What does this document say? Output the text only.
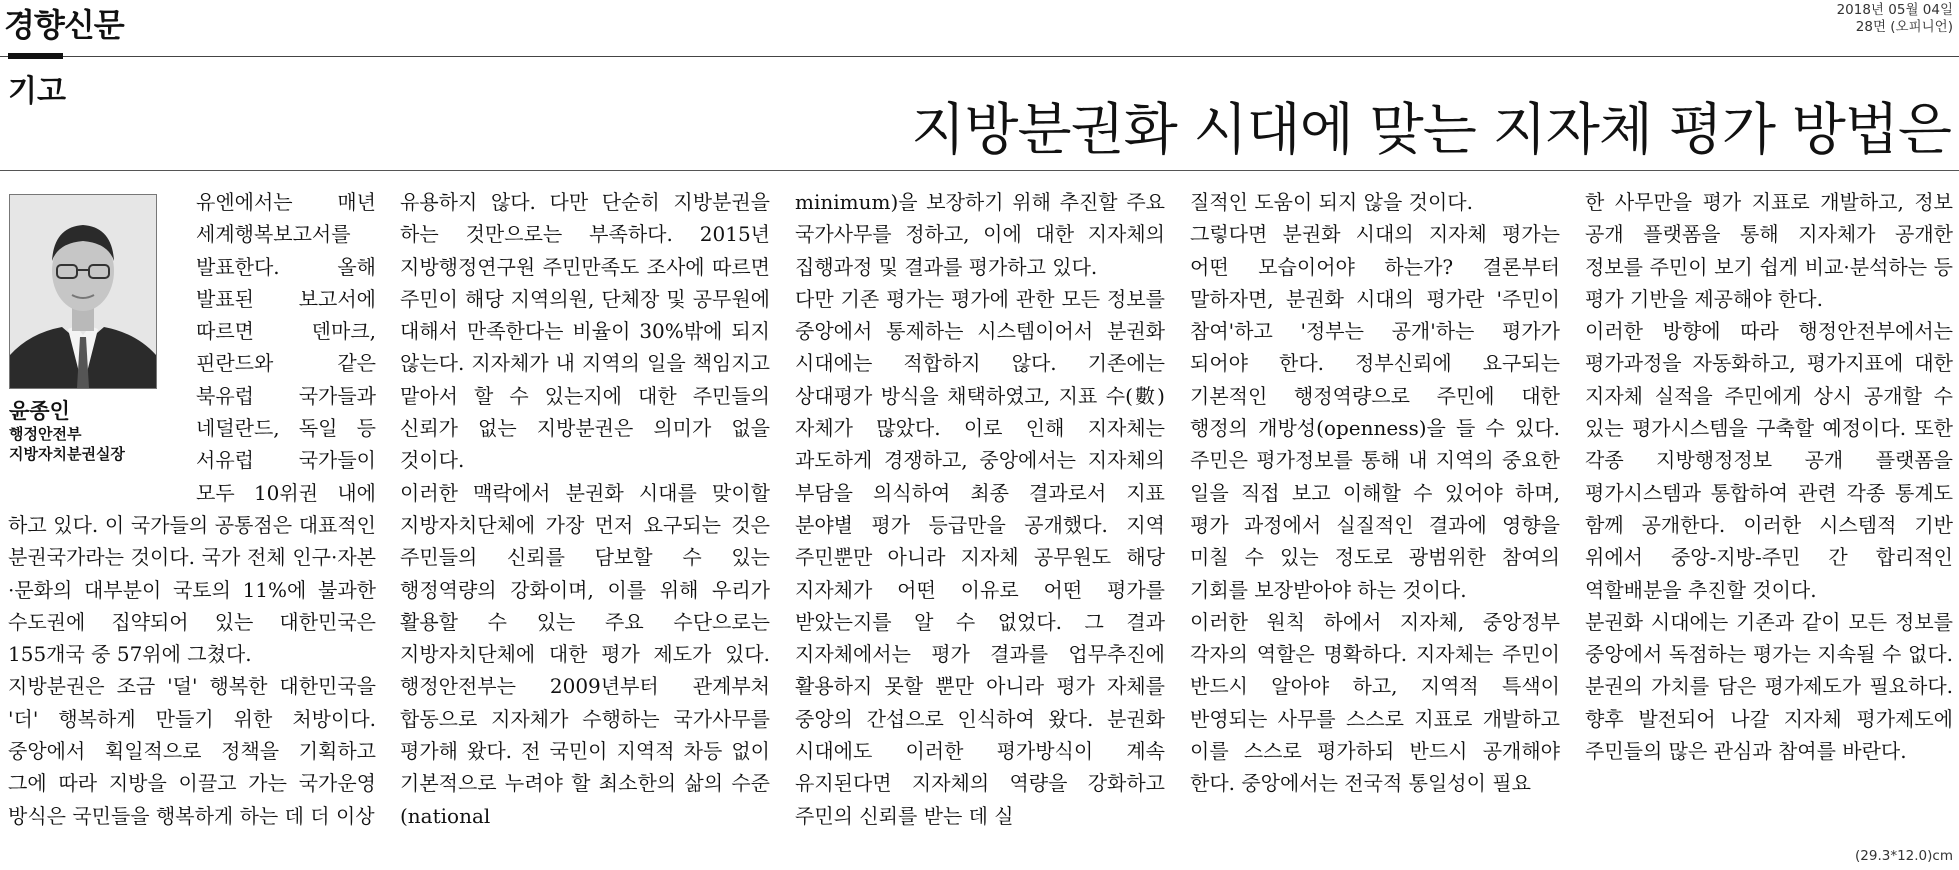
경향신문	2018년 05월 04일
28면 (오피니언)
기고
지방분권화 시대에 맞는 지자체 평가 방법은
윤종인
행정안전부
지방자치분권실장
유엔에서는 매년 세계행복보고서를 발표한다. 올해 발표된 보고서에 따르면 덴마크, 핀란드와 같은 북유럽 국가들과 네덜란드, 독일 등 서유럽 국가들이 모두 10위권 내에
하고 있다. 이 국가들의 공통점은 대표적인 분권국가라는 것이다. 국가 전체 인구·자본·문화의 대부분이 국토의 11%에 불과한 수도권에 집약되어 있는 대한민국은 155개국 중 57위에 그쳤다.
지방분권은 조금 '덜' 행복한 대한민국을 '더' 행복하게 만들기 위한 처방이다. 중앙에서 획일적으로 정책을 기획하고 그에 따라 지방을 이끌고 가는 국가운영 방식은 국민들을 행복하게 하는 데 더 이상
유용하지 않다. 다만 단순히 지방분권을 하는 것만으로는 부족하다. 2015년 지방행정연구원 주민만족도 조사에 따르면 주민이 해당 지역의원, 단체장 및 공무원에 대해서 만족한다는 비율이 30%밖에 되지 않는다. 지자체가 내 지역의 일을 책임지고 맡아서 할 수 있는지에 대한 주민들의 신뢰가 없는 지방분권은 의미가 없을 것이다.
이러한 맥락에서 분권화 시대를 맞이할 지방자치단체에 가장 먼저 요구되는 것은 주민들의 신뢰를 담보할 수 있는 행정역량의 강화이며, 이를 위해 우리가 활용할 수 있는 주요 수단으로는 지방자치단체에 대한 평가 제도가 있다. 행정안전부는 2009년부터 관계부처 합동으로 지자체가 수행하는 국가사무를 평가해 왔다. 전 국민이 지역적 차등 없이 기본적으로 누려야 할 최소한의 삶의 수준(national
minimum)을 보장하기 위해 추진할 주요 국가사무를 정하고, 이에 대한 지자체의 집행과정 및 결과를 평가하고 있다.
다만 기존 평가는 평가에 관한 모든 정보를 중앙에서 통제하는 시스템이어서 분권화 시대에는 적합하지 않다. 기존에는 상대평가 방식을 채택하였고, 지표 수(數) 자체가 많았다. 이로 인해 지자체는 과도하게 경쟁하고, 중앙에서는 지자체의 부담을 의식하여 최종 결과로서 지표 분야별 평가 등급만을 공개했다. 지역 주민뿐만 아니라 지자체 공무원도 해당 지자체가 어떤 이유로 어떤 평가를 받았는지를 알 수 없었다. 그 결과 지자체에서는 평가 결과를 업무추진에 활용하지 못할 뿐만 아니라 평가 자체를 중앙의 간섭으로 인식하여 왔다. 분권화 시대에도 이러한 평가방식이 계속 유지된다면 지자체의 역량을 강화하고 주민의 신뢰를 받는 데 실
질적인 도움이 되지 않을 것이다.
그렇다면 분권화 시대의 지자체 평가는 어떤 모습이어야 하는가? 결론부터 말하자면, 분권화 시대의 평가란 '주민이 참여'하고 '정부는 공개'하는 평가가 되어야 한다. 정부신뢰에 요구되는 기본적인 행정역량으로 주민에 대한 행정의 개방성(openness)을 들 수 있다. 주민은 평가정보를 통해 내 지역의 중요한 일을 직접 보고 이해할 수 있어야 하며, 평가 과정에서 실질적인 결과에 영향을 미칠 수 있는 정도로 광범위한 참여의 기회를 보장받아야 하는 것이다.
이러한 원칙 하에서 지자체, 중앙정부 각자의 역할은 명확하다. 지자체는 주민이 반드시 알아야 하고, 지역적 특색이 반영되는 사무를 스스로 지표로 개발하고 이를 스스로 평가하되 반드시 공개해야 한다. 중앙에서는 전국적 통일성이 필요
한 사무만을 평가 지표로 개발하고, 정보 공개 플랫폼을 통해 지자체가 공개한 정보를 주민이 보기 쉽게 비교·분석하는 등 평가 기반을 제공해야 한다.
이러한 방향에 따라 행정안전부에서는 평가과정을 자동화하고, 평가지표에 대한 지자체 실적을 주민에게 상시 공개할 수 있는 평가시스템을 구축할 예정이다. 또한 각종 지방행정정보 공개 플랫폼을 평가시스템과 통합하여 관련 각종 통계도 함께 공개한다. 이러한 시스템적 기반 위에서 중앙-지방-주민 간 합리적인 역할배분을 추진할 것이다.
분권화 시대에는 기존과 같이 모든 정보를 중앙에서 독점하는 평가는 지속될 수 없다. 분권의 가치를 담은 평가제도가 필요하다. 향후 발전되어 나갈 지자체 평가제도에 주민들의 많은 관심과 참여를 바란다.
(29.3*12.0)cm
